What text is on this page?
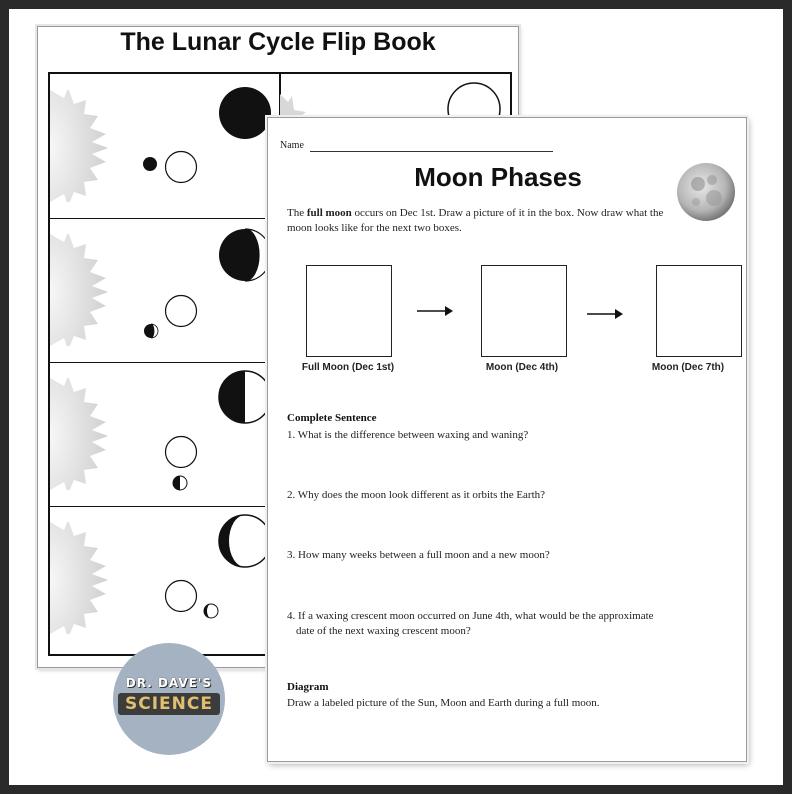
The Lunar Cycle Flip Book
Name
Moon Phases
The full moon occurs on Dec 1st. Draw a picture of it in the box. Now draw what the moon looks like for the next two boxes.
Full Moon (Dec 1st)	Moon (Dec 4th)	Moon (Dec 7th)
Complete Sentence
1. What is the difference between waxing and waning?
2. Why does the moon look different as it orbits the Earth?
3. How many weeks between a full moon and a new moon?
4. If a waxing crescent moon occurred on June 4th, what would be the approximate
date of the next waxing crescent moon?
Diagram
Draw a labeled picture of the Sun, Moon and Earth during a full moon.
DR. DAVE'S
SCIENCE
